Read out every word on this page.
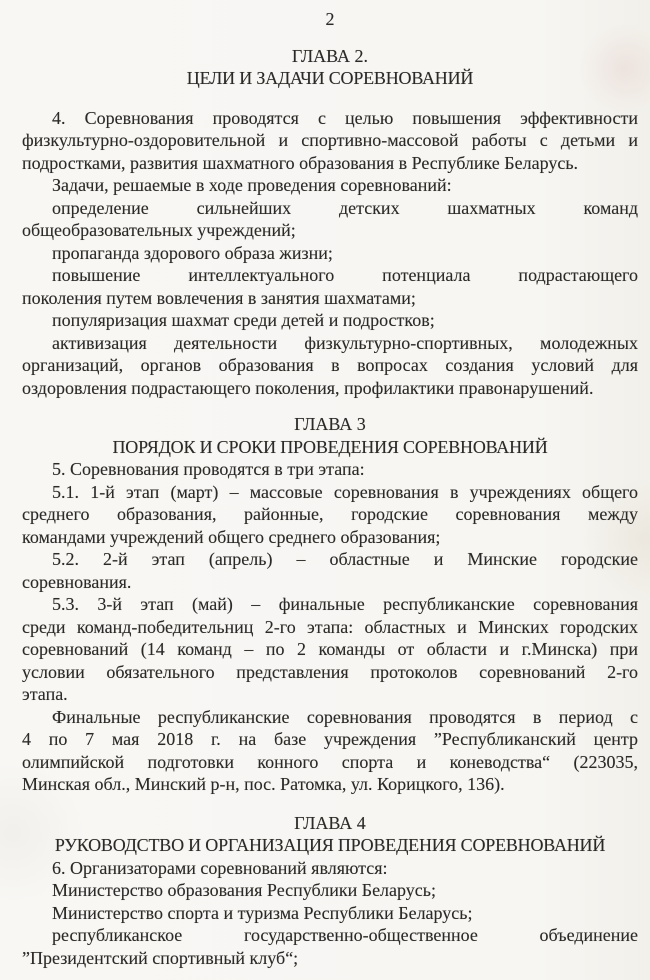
2
ГЛАВА 2.
ЦЕЛИ И ЗАДАЧИ СОРЕВНОВАНИЙ
4. Соревнования проводятся с целью повышения эффективности
физкультурно-оздоровительной и спортивно-массовой работы с детьми и
подростками, развития шахматного образования в Республике Беларусь.
Задачи, решаемые в ходе проведения соревнований:
определение сильнейших детских шахматных команд
общеобразовательных учреждений;
пропаганда здорового образа жизни;
повышение интеллектуального потенциала подрастающего
поколения путем вовлечения в занятия шахматами;
популяризация шахмат среди детей и подростков;
активизация деятельности физкультурно-спортивных, молодежных
организаций, органов образования в вопросах создания условий для
оздоровления подрастающего поколения, профилактики правонарушений.
ГЛАВА 3
ПОРЯДОК И СРОКИ ПРОВЕДЕНИЯ СОРЕВНОВАНИЙ
5. Соревнования проводятся в три этапа:
5.1. 1-й этап (март) – массовые соревнования в учреждениях общего
среднего образования, районные, городские соревнования между
командами учреждений общего среднего образования;
5.2. 2-й этап (апрель) – областные и Минские городские
соревнования.
5.3. 3-й этап (май) – финальные республиканские соревнования
среди команд-победительниц 2-го этапа: областных и Минских городских
соревнований (14 команд – по 2 команды от области и г.Минска) при
условии обязательного представления протоколов соревнований 2-го
этапа.
Финальные республиканские соревнования проводятся в период с
4 по 7 мая 2018 г. на базе учреждения ”Республиканский центр
олимпийской подготовки конного спорта и коневодства“ (223035,
Минская обл., Минский р-н, пос. Ратомка, ул. Корицкого, 136).
ГЛАВА 4
РУКОВОДСТВО И ОРГАНИЗАЦИЯ ПРОВЕДЕНИЯ СОРЕВНОВАНИЙ
6. Организаторами соревнований являются:
Министерство образования Республики Беларусь;
Министерство спорта и туризма Республики Беларусь;
республиканское государственно-общественное объединение
”Президентский спортивный клуб“;
